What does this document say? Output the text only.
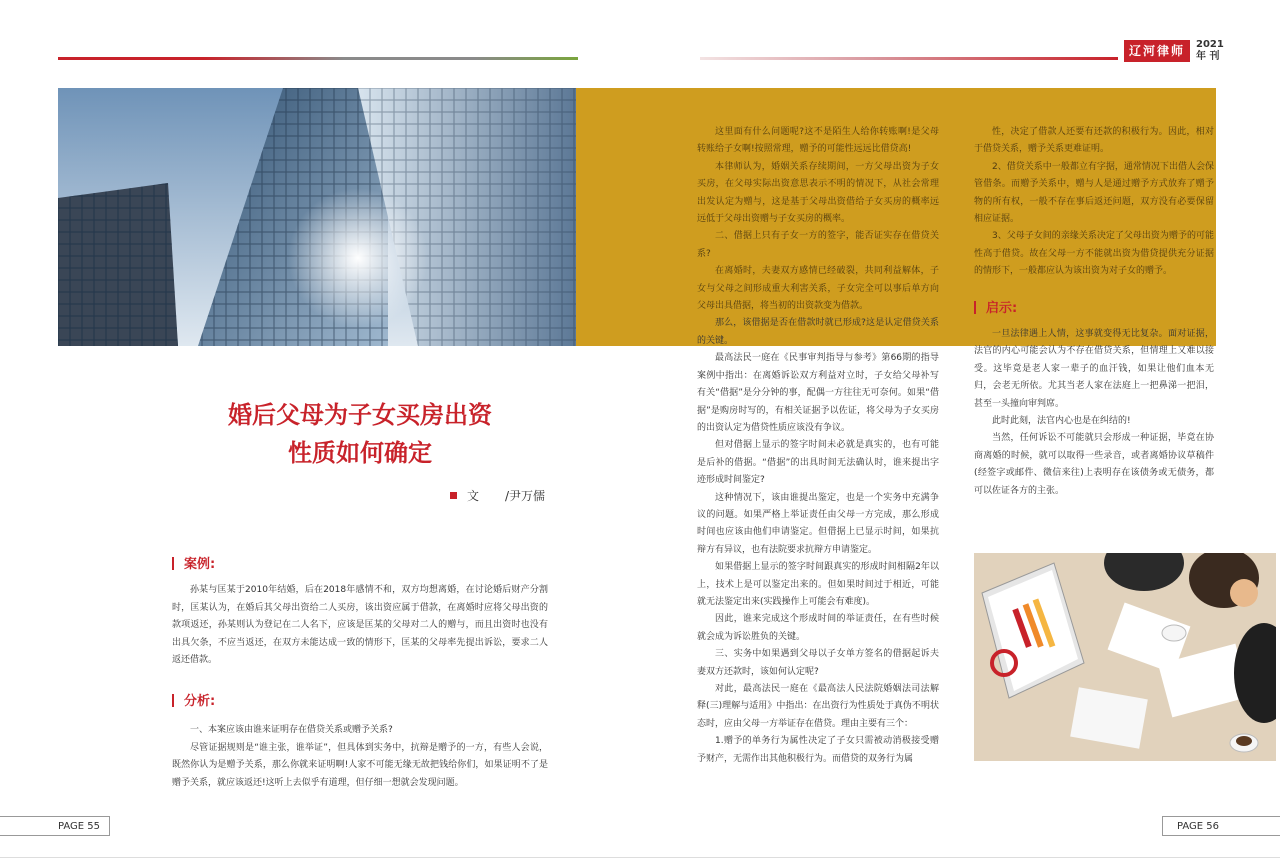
辽河律师	2021
年 刊
婚后父母为子女买房出资
性质如何确定
文 /尹万儒
案例:

孙某与匡某于2010年结婚，后在2018年感情不和，双方均想离婚，在讨论婚后财产分割时，匡某认为，在婚后其父母出资给二人买房，该出资应属于借款，在离婚时应将父母出资的款项返还，孙某则认为登记在二人名下，应该是匡某的父母对二人的赠与，而且出资时也没有出具欠条，不应当返还，在双方未能达成一致的情形下，匡某的父母率先提出诉讼，要求二人返还借款。

分析:

一、本案应该由谁来证明存在借贷关系或赠予关系?

尽管证据规则是“谁主张，谁举证”，但具体到实务中，抗辩是赠予的一方，有些人会说，既然你认为是赠予关系，那么你就来证明啊!人家不可能无缘无故把钱给你们，如果证明不了是赠予关系，就应该返还!这听上去似乎有道理，但仔细一想就会发现问题。

这里面有什么问题呢?这不是陌生人给你转账啊!是父母转账给子女啊!按照常理，赠予的可能性远远比借贷高!

本律师认为，婚姻关系存续期间，一方父母出资为子女买房，在父母实际出资意思表示不明的情况下，从社会常理出发认定为赠与，这是基于父母出资借给子女买房的概率远远低于父母出资赠与子女买房的概率。

二、借据上只有子女一方的签字，能否证实存在借贷关系?

在离婚时，夫妻双方感情已经破裂，共同利益解体，子女与父母之间形成重大利害关系，子女完全可以事后单方向父母出具借据，将当初的出资款变为借款。

那么，该借据是否在借款时就已形成?这是认定借贷关系的关键。

最高法民一庭在《民事审判指导与参考》第66期的指导案例中指出：在离婚诉讼双方利益对立时，子女给父母补写有关“借据”是分分钟的事，配偶一方往往无可奈何。如果“借据”是购房时写的，有相关证据予以佐证，将父母为子女买房的出资认定为借贷性质应该没有争议。

但对借据上显示的签字时间未必就是真实的，也有可能是后补的借据。“借据”的出具时间无法确认时，谁来提出字迹形成时间鉴定?

这种情况下，该由谁提出鉴定，也是一个实务中充满争议的问题。如果严格上举证责任由父母一方完成，那么形成时间也应该由他们申请鉴定。但借据上已显示时间，如果抗辩方有异议，也有法院要求抗辩方申请鉴定。

如果借据上显示的签字时间跟真实的形成时间相隔2年以上，技术上是可以鉴定出来的。但如果时间过于相近，可能就无法鉴定出来(实践操作上可能会有难度)。

因此，谁来完成这个形成时间的举证责任，在有些时候就会成为诉讼胜负的关键。

三、实务中如果遇到父母以子女单方签名的借据起诉夫妻双方还款时，该如何认定呢?

对此，最高法民一庭在《最高法人民法院婚姻法司法解释(三)理解与适用》中指出：在出资行为性质处于真伪不明状态时，应由父母一方举证存在借贷。理由主要有三个：

1.赠予的单务行为属性决定了子女只需被动消极接受赠予财产，无需作出其他积极行为。而借贷的双务行为属

性，决定了借款人还要有还款的积极行为。因此，相对于借贷关系，赠予关系更难证明。

2、借贷关系中一般都立有字据，通常情况下出借人会保管借条。而赠予关系中，赠与人是通过赠予方式放弃了赠予物的所有权，一般不存在事后返还问题，双方没有必要保留相应证据。

3、父母子女间的亲缘关系决定了父母出资为赠予的可能性高于借贷。故在父母一方不能就出资为借贷提供充分证据的情形下，一般都应认为该出资为对子女的赠予。

启示:

一旦法律遇上人情，这事就变得无比复杂。面对证据，法官的内心可能会认为不存在借贷关系，但情理上又难以接受。这毕竟是老人家一辈子的血汗钱，如果让他们血本无归，会老无所依。尤其当老人家在法庭上一把鼻涕一把泪，甚至一头撞向审判席。

此时此刻，法官内心也是在纠结的!

当然，任何诉讼不可能就只会形成一种证据，毕竟在协商离婚的时候，就可以取得一些录音，或者离婚协议草稿件(经签字或邮件、微信来往)上表明存在该债务或无债务，都可以佐证各方的主张。

PAGE 55	PAGE 56
